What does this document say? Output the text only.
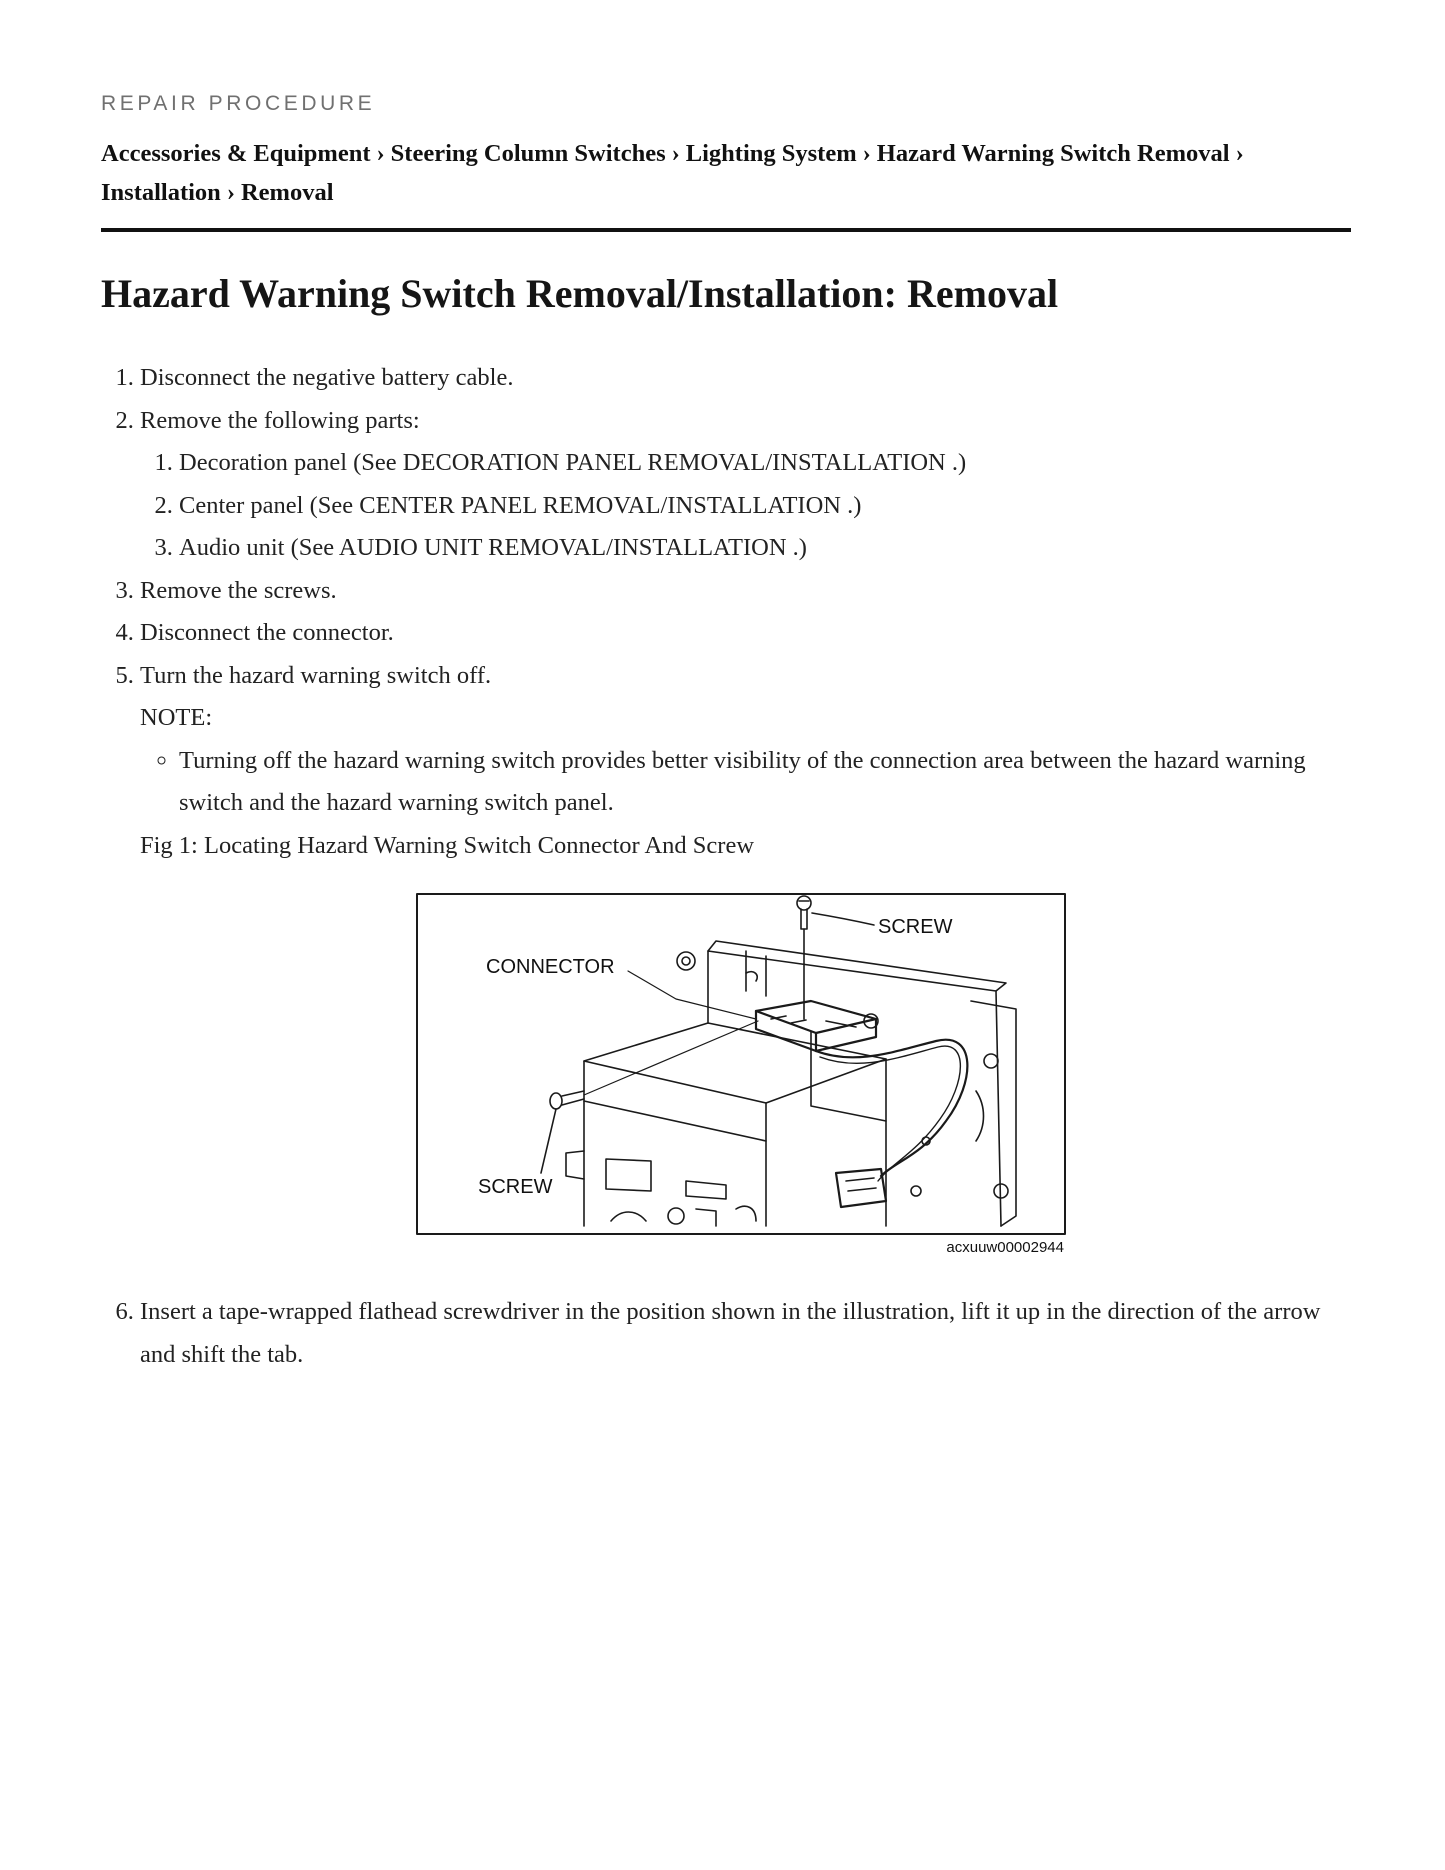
REPAIR PROCEDURE

Accessories & Equipment › Steering Column Switches › Lighting System › Hazard Warning Switch Removal ›
Installation › Removal

Hazard Warning Switch Removal/Installation: Removal
1. Disconnect the negative battery cable.
2. Remove the following parts:
1. Decoration panel (See DECORATION PANEL REMOVAL/INSTALLATION .)
2. Center panel (See CENTER PANEL REMOVAL/INSTALLATION .)
3. Audio unit (See AUDIO UNIT REMOVAL/INSTALLATION .)
3. Remove the screws.
4. Disconnect the connector.
5. Turn the hazard warning switch off.
NOTE:
◦ Turning off the hazard warning switch provides better visibility of the connection area between the hazard warning switch and the hazard warning switch panel.
Fig 1: Locating Hazard Warning Switch Connector And Screw
SCREW
CONNECTOR
SCREW
acxuuw00002944
6. Insert a tape-wrapped flathead screwdriver in the position shown in the illustration, lift it up in the direction of the arrow and shift the tab.
